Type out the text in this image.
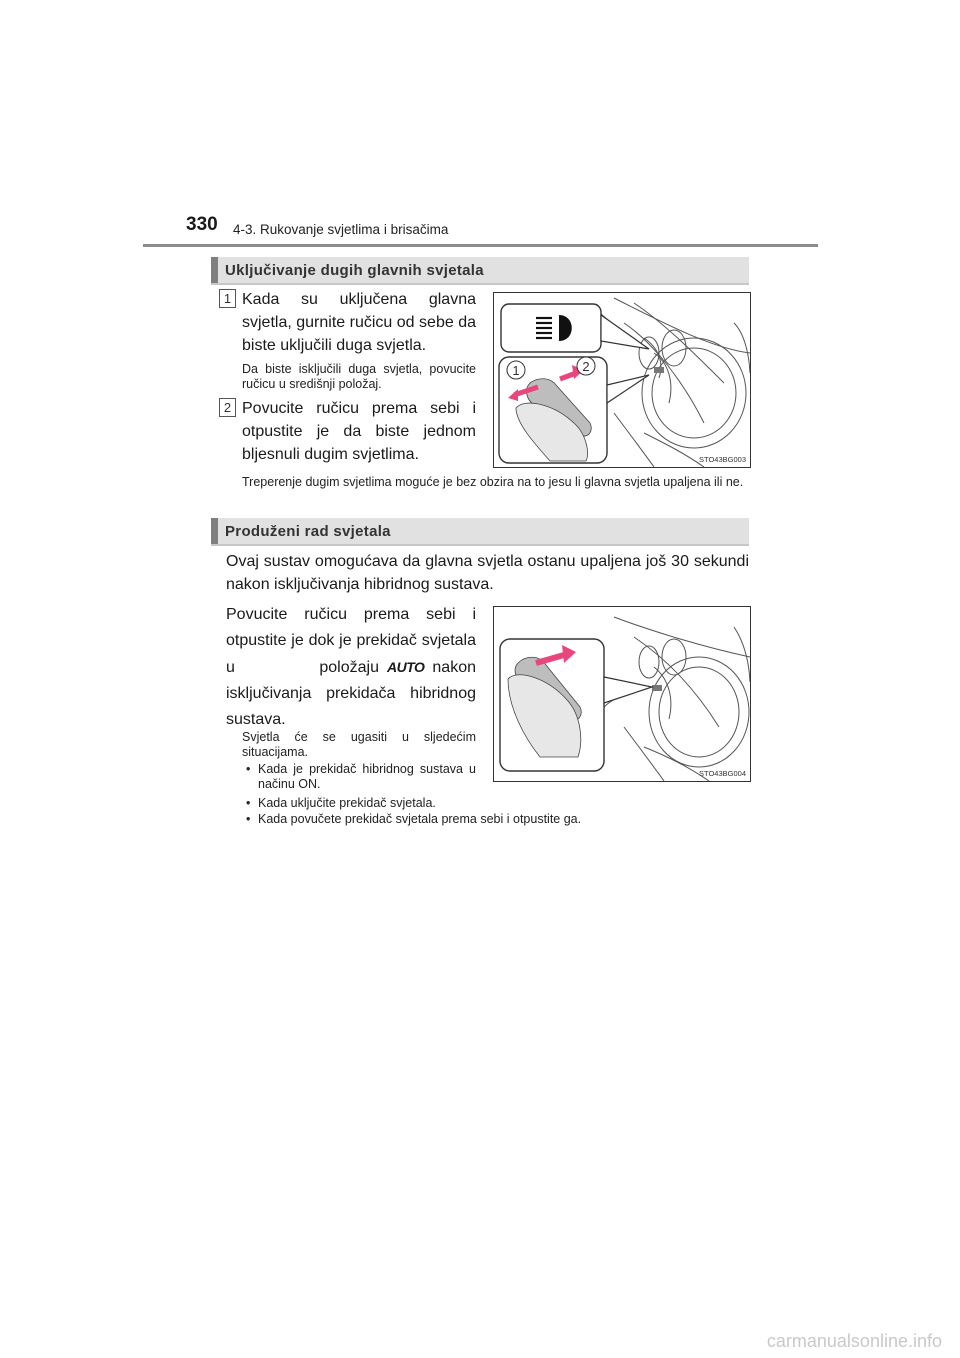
330 4-3. Rukovanje svjetlima i brisačima
Uključivanje dugih glavnih svjetala
1 Kada su uključena glavna svjetla, gurnite ručicu od sebe da biste uključili duga svjetla.
Da biste isključili duga svjetla, povucite ručicu u središnji položaj.
2 Povucite ručicu prema sebi i otpustite je da biste jednom bljesnuli dugim svjetlima.
Treperenje dugim svjetlima moguće je bez obzira na to jesu li glavna svjetla upaljena ili ne.
1	2
STO43BG003
Produženi rad svjetala
Ovaj sustav omogućava da glavna svjetla ostanu upaljena još 30 sekundi nakon isključivanja hibridnog sustava.
Povucite ručicu prema sebi i otpustite je dok je prekidač svjetala u položaju AUTO nakon isključivanja prekidača hibridnog sustava.
Svjetla će se ugasiti u sljedećim situacijama.
• Kada je prekidač hibridnog sustava u načinu ON.
• Kada uključite prekidač svjetala.
• Kada povučete prekidač svjetala prema sebi i otpustite ga.
STO43BG004
carmanualsonline.info
